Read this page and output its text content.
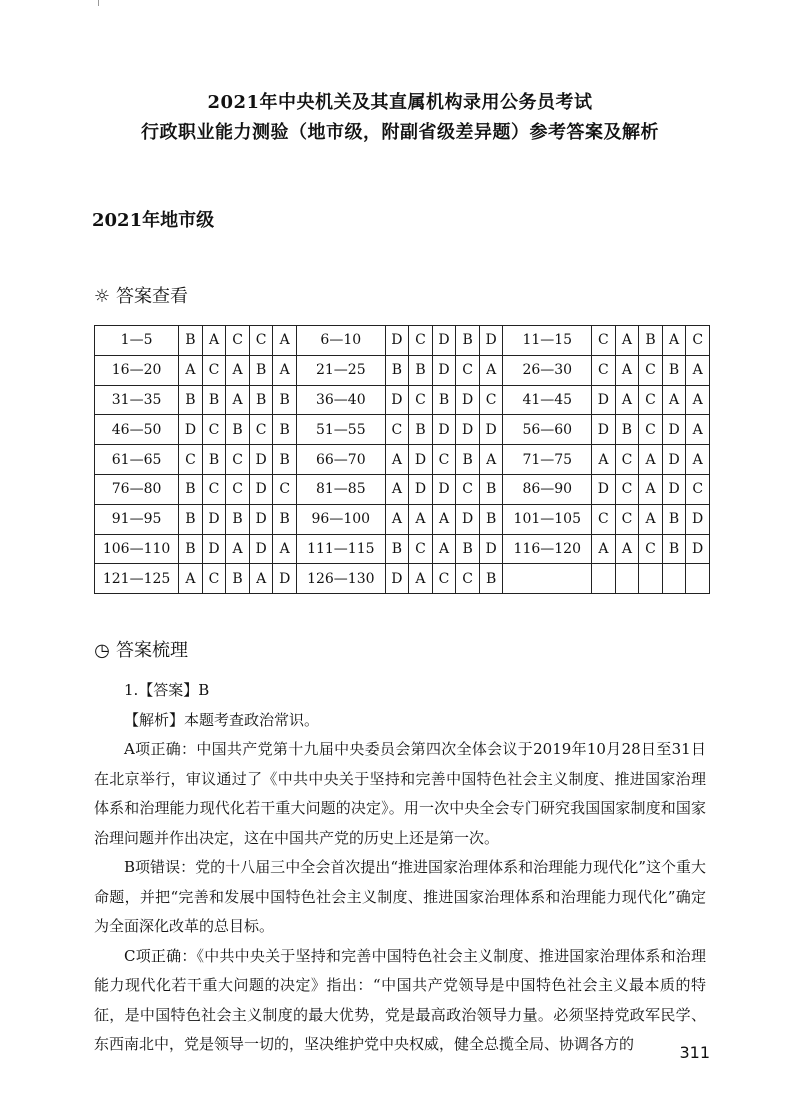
2021年中央机关及其直属机构录用公务员考试
行政职业能力测验（地市级，附副省级差异题）参考答案及解析
2021年地市级
☼ 答案查看
1—5	B	A	C	C	A	6—10	D	C	D	B	D	11—15	C	A	B	A	C
16—20	A	C	A	B	A	21—25	B	B	D	C	A	26—30	C	A	C	B	A
31—35	B	B	A	B	B	36—40	D	C	B	D	C	41—45	D	A	C	A	A
46—50	D	C	B	C	B	51—55	C	B	D	D	D	56—60	D	B	C	D	A
61—65	C	B	C	D	B	66—70	A	D	C	B	A	71—75	A	C	A	D	A
76—80	B	C	C	D	C	81—85	A	D	D	C	B	86—90	D	C	A	D	C
91—95	B	D	B	D	B	96—100	A	A	A	D	B	101—105	C	C	A	B	D
106—110	B	D	A	D	A	111—115	B	C	A	B	D	116—120	A	A	C	B	D
121—125	A	C	B	A	D	126—130	D	A	C	C	B						
◷ 答案梳理

1.【答案】B

【解析】本题考查政治常识。

A项正确：中国共产党第十九届中央委员会第四次全体会议于2019年10月28日至31日在北京举行，审议通过了《中共中央关于坚持和完善中国特色社会主义制度、推进国家治理体系和治理能力现代化若干重大问题的决定》。用一次中央全会专门研究我国国家制度和国家治理问题并作出决定，这在中国共产党的历史上还是第一次。

B项错误：党的十八届三中全会首次提出“推进国家治理体系和治理能力现代化”这个重大命题，并把“完善和发展中国特色社会主义制度、推进国家治理体系和治理能力现代化”确定为全面深化改革的总目标。

C项正确：《中共中央关于坚持和完善中国特色社会主义制度、推进国家治理体系和治理能力现代化若干重大问题的决定》指出：“中国共产党领导是中国特色社会主义最本质的特征，是中国特色社会主义制度的最大优势，党是最高政治领导力量。必须坚持党政军民学、东西南北中，党是领导一切的，坚决维护党中央权威，健全总揽全局、协调各方的	311
